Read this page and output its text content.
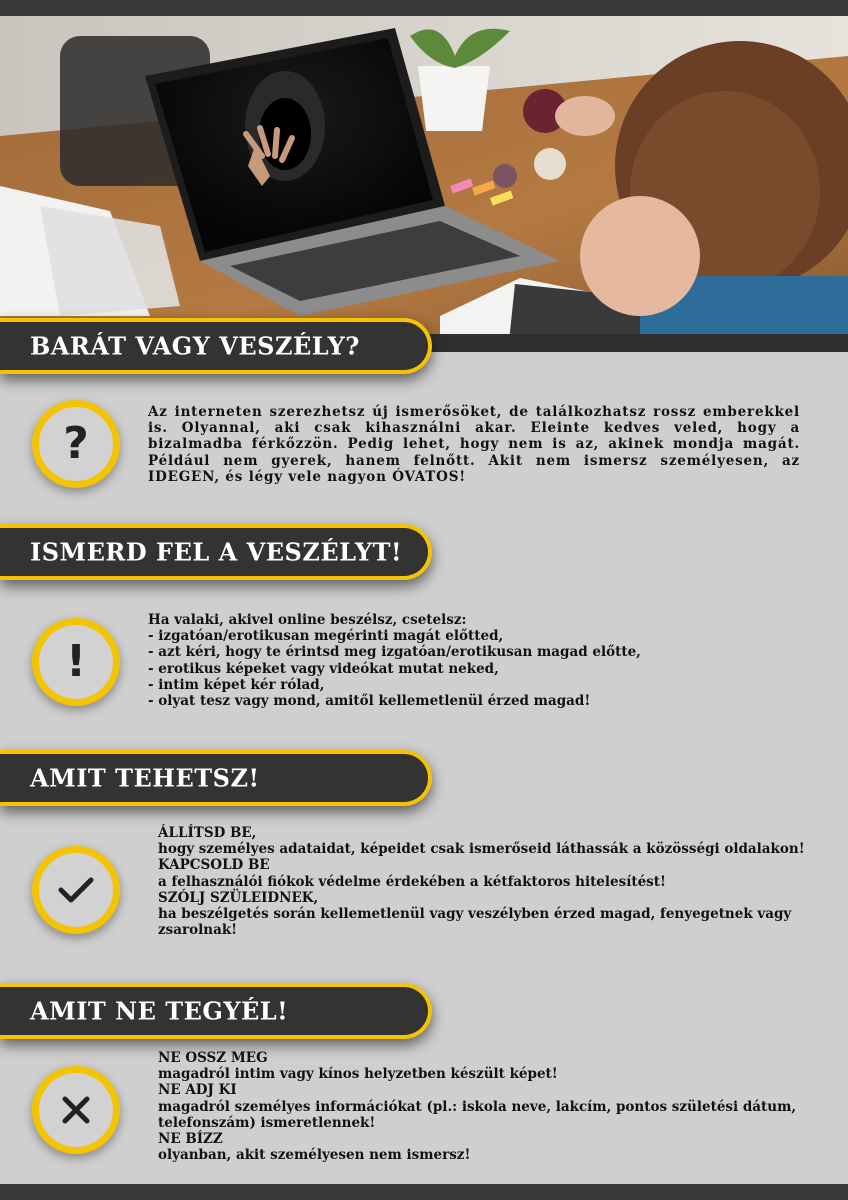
BARÁT VAGY VESZÉLY?
?
Az interneten szerezhetsz új ismerősöket, de találkozhatsz rossz emberekkel is. Olyannal, aki csak kihasználni akar. Eleinte kedves veled, hogy a bizalmadba férkőzzön. Pedig lehet, hogy nem is az, akinek mondja magát. Például nem gyerek, hanem felnőtt. Akit nem ismersz személyesen, az IDEGEN, és légy vele nagyon ÓVATOS!
ISMERD FEL A VESZÉLYT!
!
Ha valaki, akivel online beszélsz, csetelsz:
- izgatóan/erotikusan megérinti magát előtted,
- azt kéri, hogy te érintsd meg izgatóan/erotikusan magad előtte,
- erotikus képeket vagy videókat mutat neked,
- intim képet kér rólad,
- olyat tesz vagy mond, amitől kellemetlenül érzed magad!
AMIT TEHETSZ!
ÁLLÍTSD BE,
hogy személyes adataidat, képeidet csak ismerőseid láthassák a közösségi oldalakon!
KAPCSOLD BE
a felhasználói fiókok védelme érdekében a kétfaktoros hitelesítést!
SZÓLJ SZÜLEIDNEK,
ha beszélgetés során kellemetlenül vagy veszélyben érzed magad, fenyegetnek vagy zsarolnak!
AMIT NE TEGYÉL!
NE OSSZ MEG
magadról intim vagy kínos helyzetben készült képet!
NE ADJ KI
magadról személyes információkat (pl.: iskola neve, lakcím, pontos születési dátum, telefonszám) ismeretlennek!
NE BÍZZ
olyanban, akit személyesen nem ismersz!
